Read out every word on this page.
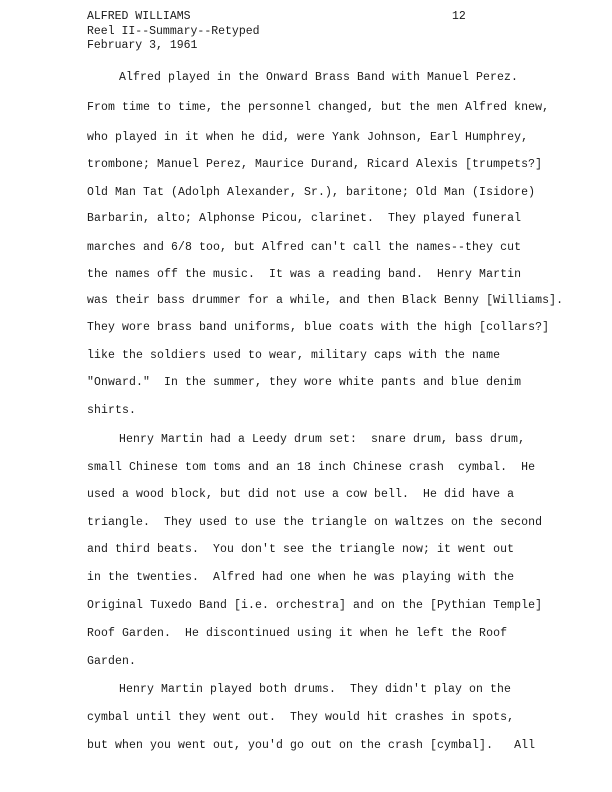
ALFRED WILLIAMS
Reel II--Summary--Retyped
February 3, 1961
12
Alfred played in the Onward Brass Band with Manuel Perez.
From time to time, the personnel changed, but the men Alfred knew,
who played in it when he did, were Yank Johnson, Earl Humphrey,
trombone; Manuel Perez, Maurice Durand, Ricard Alexis [trumpets?]
Old Man Tat (Adolph Alexander, Sr.), baritone; Old Man (Isidore)
Barbarin, alto; Alphonse Picou, clarinet.  They played funeral
marches and 6/8 too, but Alfred can't call the names--they cut
the names off the music.  It was a reading band.  Henry Martin
was their bass drummer for a while, and then Black Benny [Williams].
They wore brass band uniforms, blue coats with the high [collars?]
like the soldiers used to wear, military caps with the name
"Onward."  In the summer, they wore white pants and blue denim
shirts.
Henry Martin had a Leedy drum set:  snare drum, bass drum,
small Chinese tom toms and an 18 inch Chinese crash  cymbal.  He
used a wood block, but did not use a cow bell.  He did have a
triangle.  They used to use the triangle on waltzes on the second
and third beats.  You don't see the triangle now; it went out
in the twenties.  Alfred had one when he was playing with the
Original Tuxedo Band [i.e. orchestra] and on the [Pythian Temple]
Roof Garden.  He discontinued using it when he left the Roof
Garden.
Henry Martin played both drums.  They didn't play on the
cymbal until they went out.  They would hit crashes in spots,
but when you went out, you'd go out on the crash [cymbal].   All
